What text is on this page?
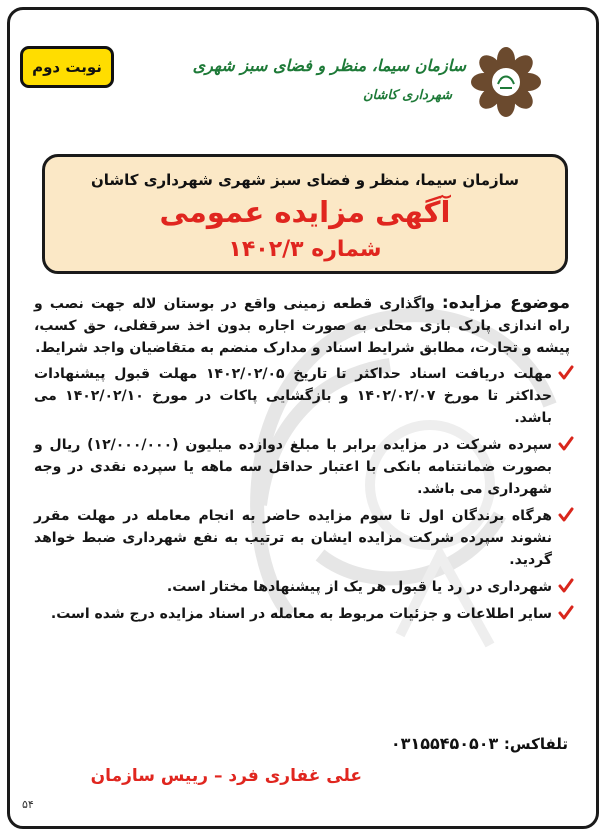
نوبت دوم	سازمان سیما، منظر و فضای سبز شهری
شهرداری کاشان
سازمان سیما، منظر و فضای سبز شهری شهرداری کاشان
آگهی مزایده عمومی
شماره ۱۴۰۲/۳

موضوع مزایده: واگذاری قطعه زمینی واقع در بوستان لاله جهت نصب و راه اندازی پارک بازی محلی به صورت اجاره بدون اخذ سرقفلی، حق کسب، پیشه و تجارت، مطابق شرایط اسناد و مدارک منضم به متقاضیان واجد شرایط.

مهلت دریافت اسناد حداکثر تا تاریخ ۱۴۰۲/۰۲/۰۵ مهلت قبول پیشنهادات حداکثر تا مورخ ۱۴۰۲/۰۲/۰۷ و بازگشایی پاکات در مورخ ۱۴۰۲/۰۲/۱۰ می باشد.
سپرده شرکت در مزایده برابر با مبلغ دوازده میلیون (۱۲/۰۰۰/۰۰۰) ریال و بصورت ضمانتنامه بانکی با اعتبار حداقل سه ماهه یا سپرده نقدی در وجه شهرداری می باشد.
هرگاه برندگان اول تا سوم مزایده حاضر به انجام معامله در مهلت مقرر نشوند سپرده شرکت مزایده ایشان به ترتیب به نفع شهرداری ضبط خواهد گردید.
شهرداری در رد یا قبول هر یک از پیشنهادها مختار است.
سایر اطلاعات و جزئیات مربوط به معامله در اسناد مزایده درج شده است.
تلفاکس: ۰۳۱۵۵۴۵۰۵۰۳
علی غفاری فرد – رییس سازمان
۵۴
